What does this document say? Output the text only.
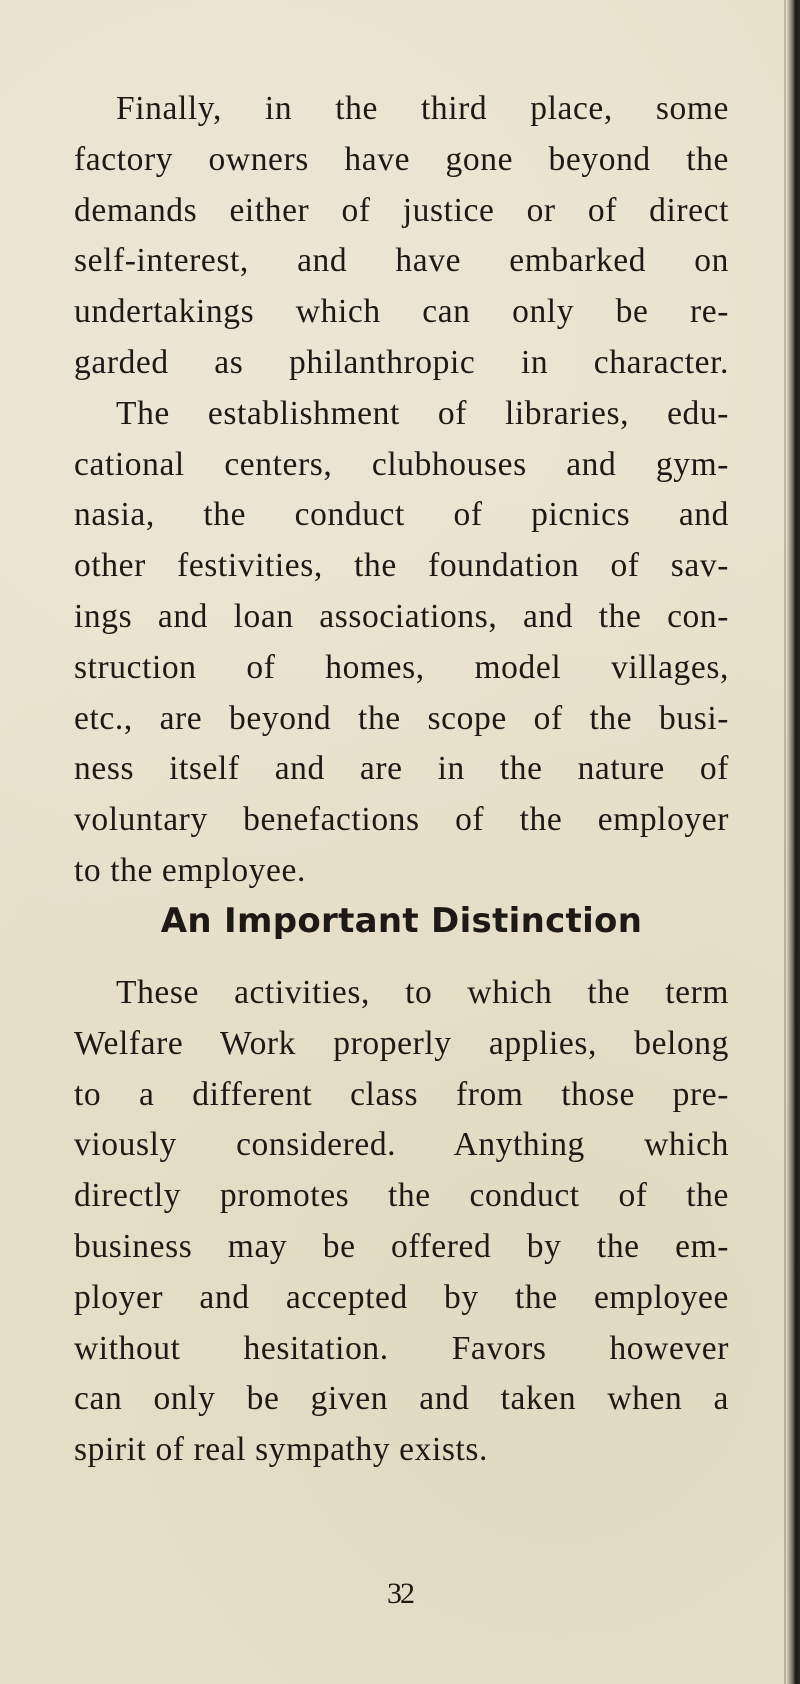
Finally, in the third place, some
factory owners have gone beyond the
demands either of justice or of direct
self-interest, and have embarked on
undertakings which can only be re-
garded as philanthropic in character.
The establishment of libraries, edu-
cational centers, clubhouses and gym-
nasia, the conduct of picnics and
other festivities, the foundation of sav-
ings and loan associations, and the con-
struction of homes, model villages,
etc., are beyond the scope of the busi-
ness itself and are in the nature of
voluntary benefactions of the employer
to the employee.
An Important Distinction
These activities, to which the term
Welfare Work properly applies, belong
to a different class from those pre-
viously considered. Anything which
directly promotes the conduct of the
business may be offered by the em-
ployer and accepted by the employee
without hesitation. Favors however
can only be given and taken when a
spirit of real sympathy exists.
32
